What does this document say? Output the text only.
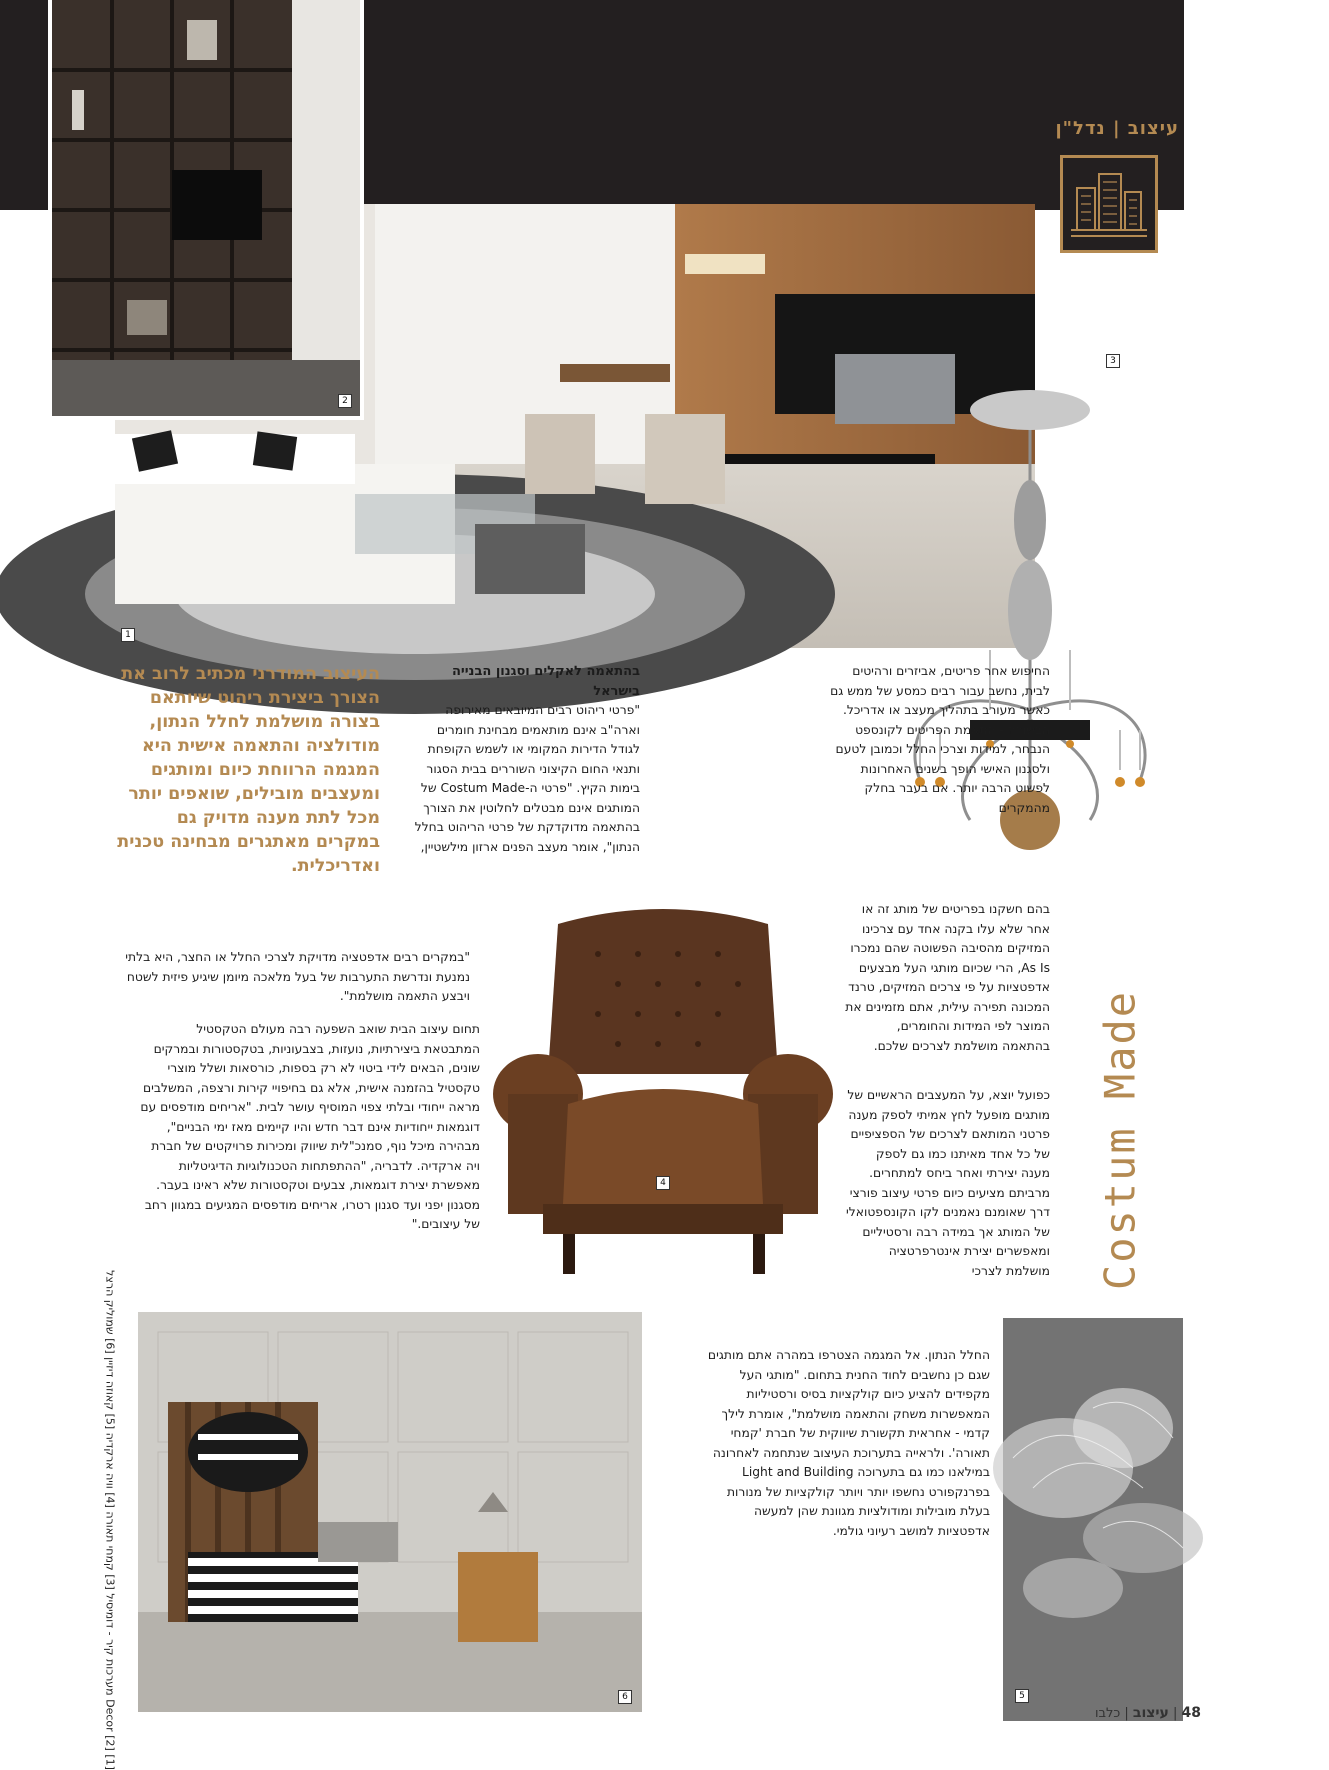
עיצוב | נדל"ן
1
2
3
4
5
6
העיצוב המודרני מכתיב לרוב את הצורך ביצירת ריהוט שיותאם בצורה מושלמת לחלל הנתון, מודולציה והתאמה אישית היא המגמה הרווחת כיום ומותגים ומעצבים מובילים, שואפים יותר מכל לתת מענה מדויק גם במקרים מאתגרים מבחינה טכנית ואדריכלית.
בהתאמה לאקלים וסגנון הבנייה בישראל
"פרטי ריהוט רבים המיובאים מאירופה וארה"ב אינם מותאמים מבחינת חומרים לגודל הדירות המקומי או לשמש הקופחת ותנאי החום הקיצוני השוררים בבית הסגור בימות הקיץ. "פרטי ה-Costum Made של המותגים אינם מבטלים לחלוטין את הצורך בהתאמה מדוקדקת של פרטי הריהוט בחלל הנתון", אומר מעצב הפנים ארזון מילשטיין,
החיפוש אחר פריטים, אביזרים ורהיטים לבית, נחשב עבור רבים כמסע של ממש גם כאשר מעורב בתהליך מעצב או אדריכל. הבשורה - התאמת הפריטים לקונספט הנבחר, למידות וצרכי החלל וכמובן לטעם ולסגנון האישי הופך בשנים האחרונות לפשוט הרבה יותר. אם בעבר בחלק מהמקרים
בהם חשקנו בפריטים של מותג זה או אחר שלא עלו בקנה אחד עם צרכינו המזיקים מהסיבה הפשוטה שהם נמכרו As Is, הרי שכיום מותגי העל מבצעים אדפטציות על פי צרכים המזיקים, טרנד המכונה תפירה עילית, אתם מזמינים את המוצר לפי המידות והחומרים, בהתאמה מושלמת לצרכים שלכם.
כפועל יוצא, על המעצבים הראשיים של מותגים מופעל לחץ אמיתי לספק מענה פרטני המותאם לצרכים של הספציפיים של כל אחד מאיתנו כמו גם לספק מענה יצירתי ואחר ביחס למתחרים. מרביתם מציעים כיום פרטי עיצוב פורצי דרך שאומנם נאמנים לקו הקונספטואלי של המותג אך במידה רבה ורסטיליים ומאפשרים יצירת אינטרפרטציה מושלמת לצרכי
"במקרים רבים אדפטציה מדויקת לצרכי החלל או החצר, היא בלתי נמנעת ונדרשת התערבות של בעל מלאכה מיומן שיגיע פיזית לשטח ויבצע התאמה מושלמת".
תחום עיצוב הבית שואב השפעה רבה מעולם הטקסטיל המתבטאת ביצירתיות, נועזות, בצבעוניות, בטקסטורות ובמרקים שונים, הבאים לידי ביטוי לא רק בספות, כורסאות ושלל מוצרי טקסטיל בהזמנה אישית, אלא גם בחיפויי קירות ורצפה, המשלבים מראה ייחודי ובלתי צפוי המוסיף עושר לבית. "אריחים מודפסים עם דוגמאות ייחודיות אינם דבר חדש והיו קיימים מאז ימי הבניים", מבהירה מיכל נוף, סמנכ"לית שיווק ומכירות פרויקטים של חברת ויה ארקדיה. לדבריה, "ההתפתחות הטכנולוגיות הדיגיטליות מאפשרת יצירת דוגמאות, צבעים וטקסטורות שלא ראינו בעבר. מסגנון יפני ועד סגנון רטרו, אריחים מודפסים המגיעים במגוון רחב של עיצובים."
החלל הנתון. אל המגמה הצטרפו במהרה אתם מותגים שגם כן נחשבים לחוד החנית בתחום. "מותגי העל מקפידים להציע כיום קולקציות בסיס ורסטיליות המאפשרות משחק והתאמה מושלמת", אומרת לילך קדמי - אחראית תקשורת שיווקית של חברת 'קמחי תאורה'. ולראייה בתערוכת העיצוב שנתחמה לאחרונה במילאנו כמו גם בתערוכה Light and Building בפרנקפורט נחשפו יותר ויותר קולקציות של מנורות בעלת מובילות ומודולציות מגוונת שהן למעשה אדפטציות למושב רעיוני גולמי.
Costum Made
[1] Decor [2] מערכות קיר - דומיסיל [3] קמחי תאורה [4] וויה ארקדיה [5] קאוזה דיזיין [6] שמוליק הרצל
48 | עיצוב | כלבו
